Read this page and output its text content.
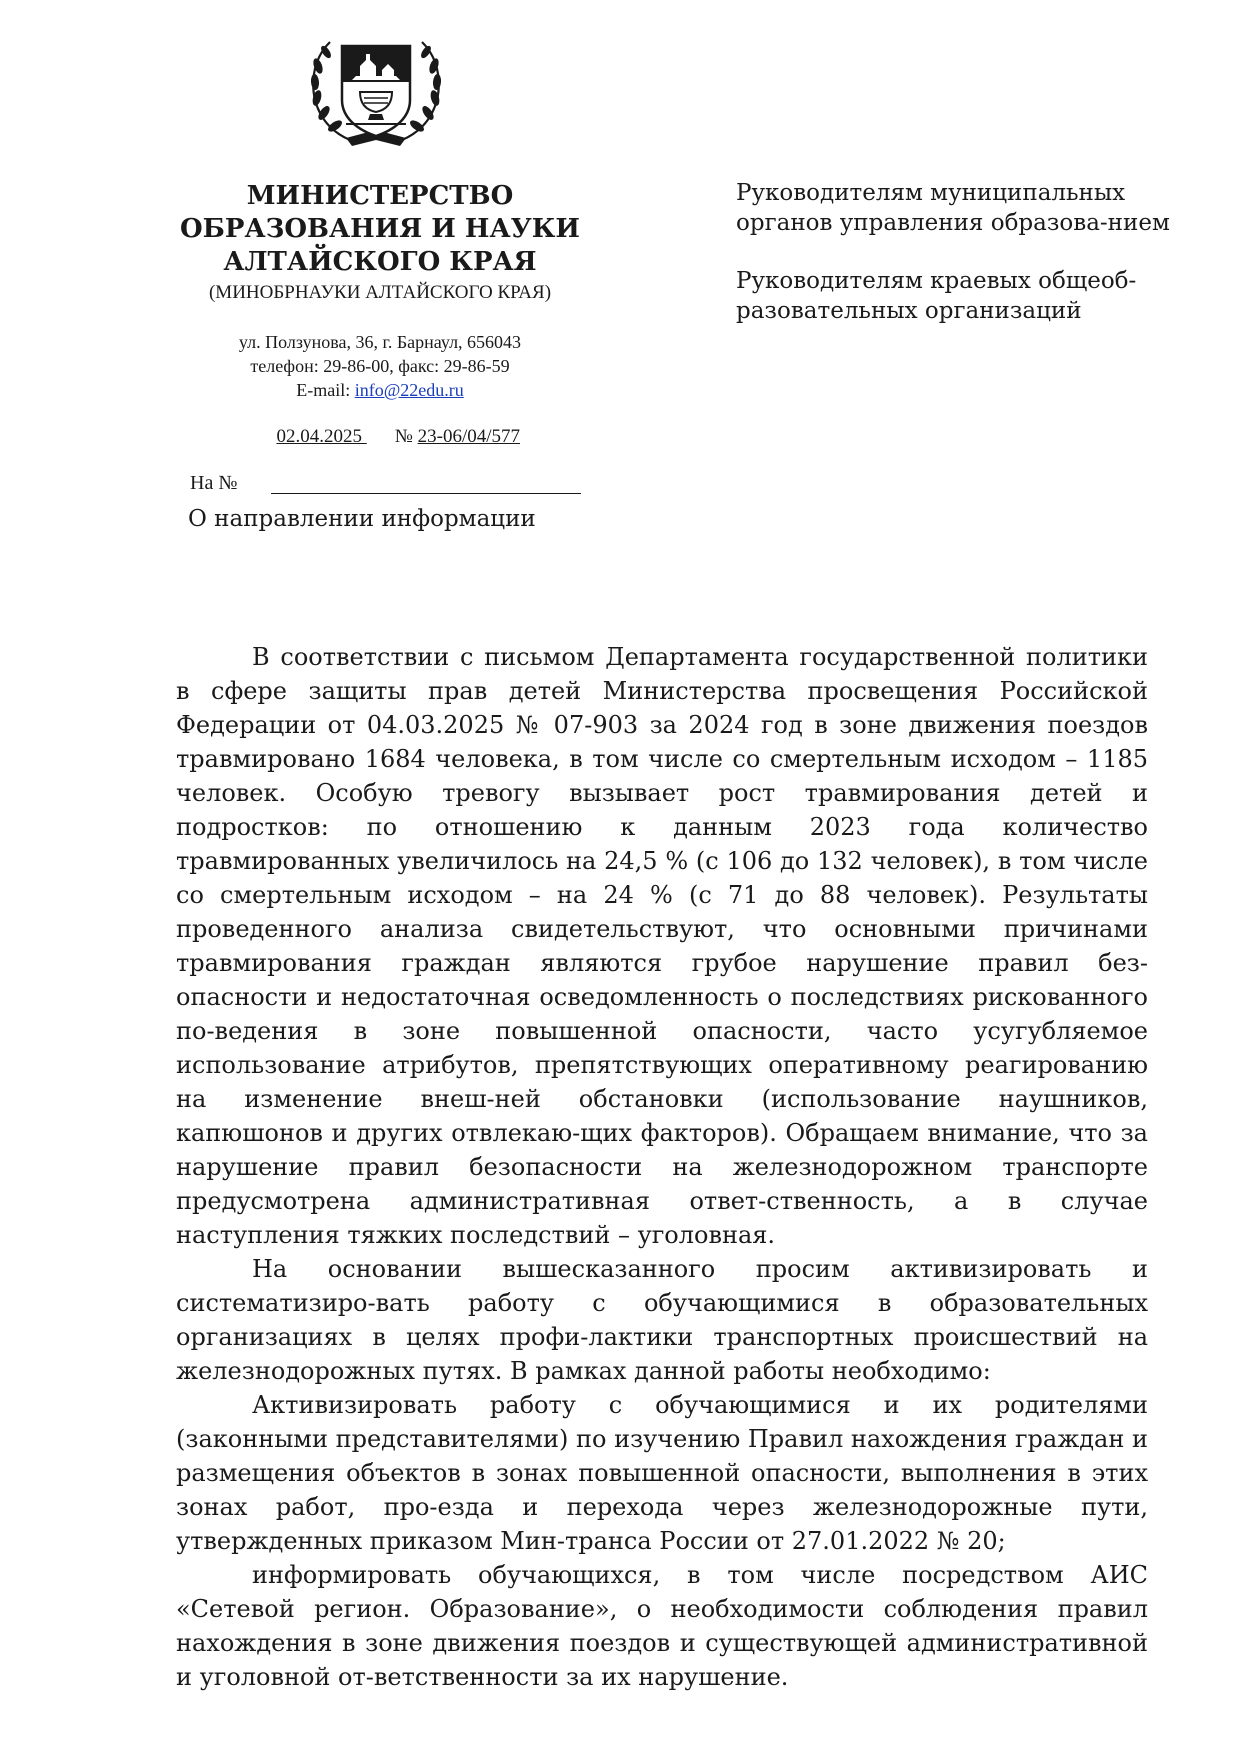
МИНИСТЕРСТВО
ОБРАЗОВАНИЯ И НАУКИ
АЛТАЙСКОГО КРАЯ
(МИНОБРНАУКИ АЛТАЙСКОГО КРАЯ)
ул. Ползунова, 36, г. Барнаул, 656043
телефон: 29-86-00, факс: 29-86-59
E-mail: info@22edu.ru
02.04.2025 № 23-06/04/577
На №
О направлении информации

Руководителям муниципальных органов управления образова-нием

Руководителям краевых общеоб-разовательных организаций

В соответствии с письмом Департамента государственной политики в сфере защиты прав детей Министерства просвещения Российской Федерации от 04.03.2025 № 07-903 за 2024 год в зоне движения поездов травмировано 1684 человека, в том числе со смертельным исходом – 1185 человек. Особую тревогу вызывает рост травмирования детей и подростков: по отношению к данным 2023 года количество травмированных увеличилось на 24,5 % (с 106 до 132 человек), в том числе со смертельным исходом – на 24 % (с 71 до 88 человек). Результаты проведенного анализа свидетельствуют, что основными причинами травмирования граждан являются грубое нарушение правил без-опасности и недостаточная осведомленность о последствиях рискованного по-ведения в зоне повышенной опасности, часто усугубляемое использование атрибутов, препятствующих оперативному реагированию на изменение внеш-ней обстановки (использование наушников, капюшонов и других отвлекаю-щих факторов). Обращаем внимание, что за нарушение правил безопасности на железнодорожном транспорте предусмотрена административная ответ-ственность, а в случае наступления тяжких последствий – уголовная.

На основании вышесказанного просим активизировать и систематизиро-вать работу с обучающимися в образовательных организациях в целях профи-лактики транспортных происшествий на железнодорожных путях. В рамках данной работы необходимо:

Активизировать работу с обучающимися и их родителями (законными представителями) по изучению Правил нахождения граждан и размещения объектов в зонах повышенной опасности, выполнения в этих зонах работ, про-езда и перехода через железнодорожные пути, утвержденных приказом Мин-транса России от 27.01.2022 № 20;

информировать обучающихся, в том числе посредством АИС «Сетевой регион. Образование», о необходимости соблюдения правил нахождения в зоне движения поездов и существующей административной и уголовной от-ветственности за их нарушение.
